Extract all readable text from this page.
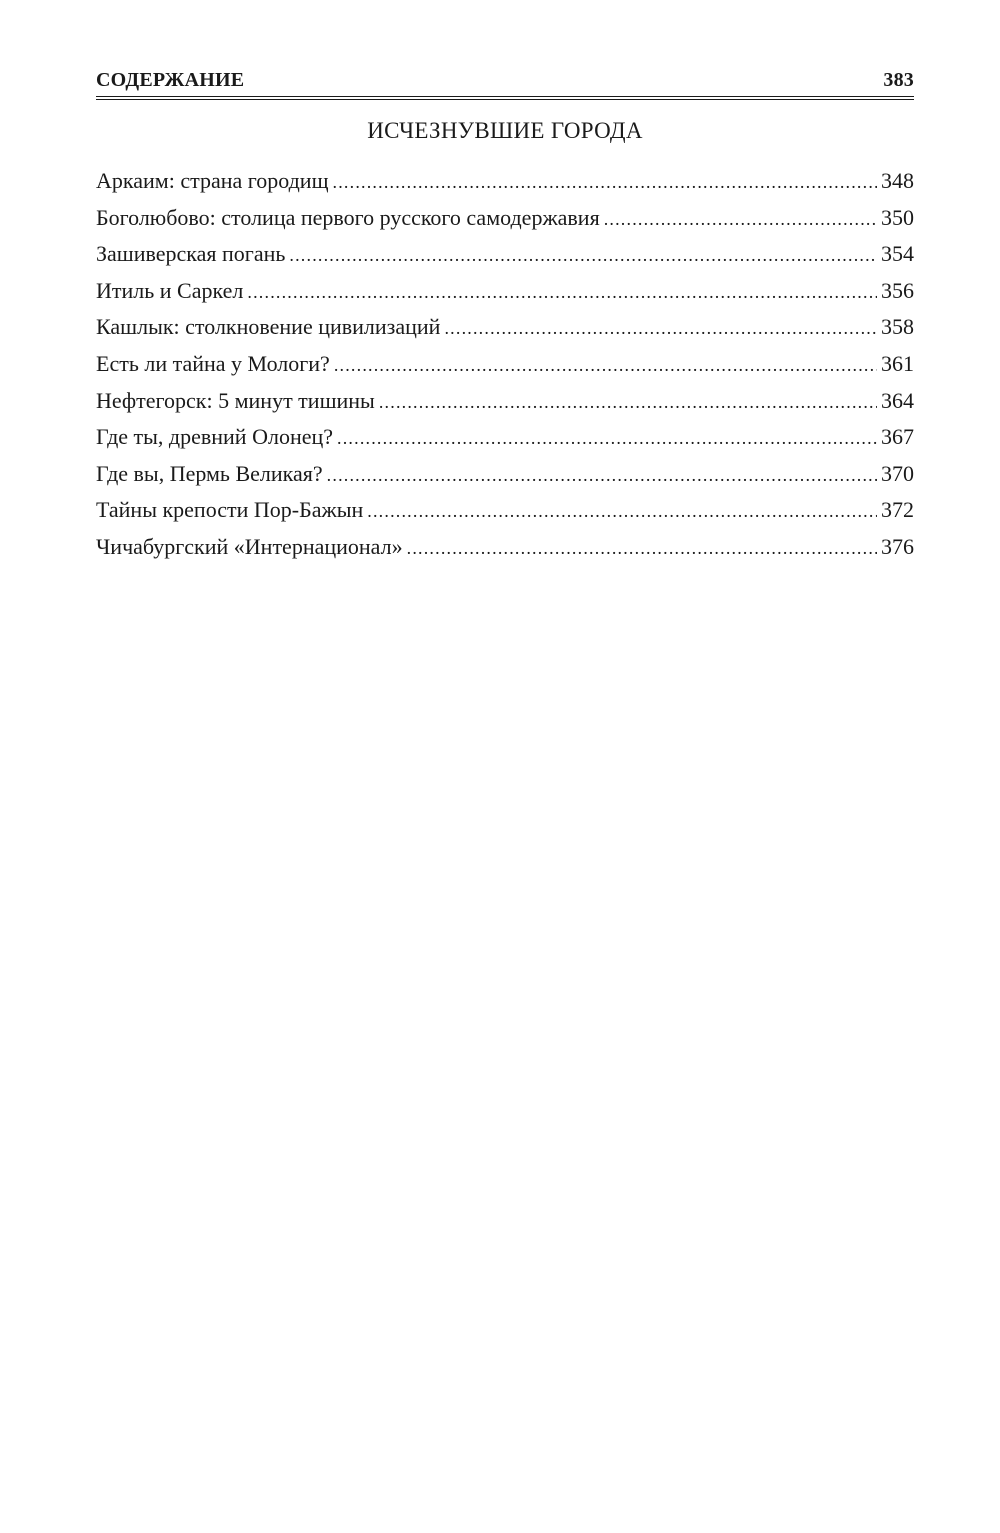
СОДЕРЖАНИЕ	383
ИСЧЕЗНУВШИЕ ГОРОДА
Аркаим: страна городищ .....	348
Боголюбово: столица первого русского самодержавия .....	350
Зашиверская погань .....	354
Итиль и Саркел .....	356
Кашлык: столкновение цивилизаций .....	358
Есть ли тайна у Мологи? .....	361
Нефтегорск: 5 минут тишины .....	364
Где ты, древний Олонец? .....	367
Где вы, Пермь Великая? .....	370
Тайны крепости Пор-Бажын .....	372
Чичабургский «Интернационал» .....	376
